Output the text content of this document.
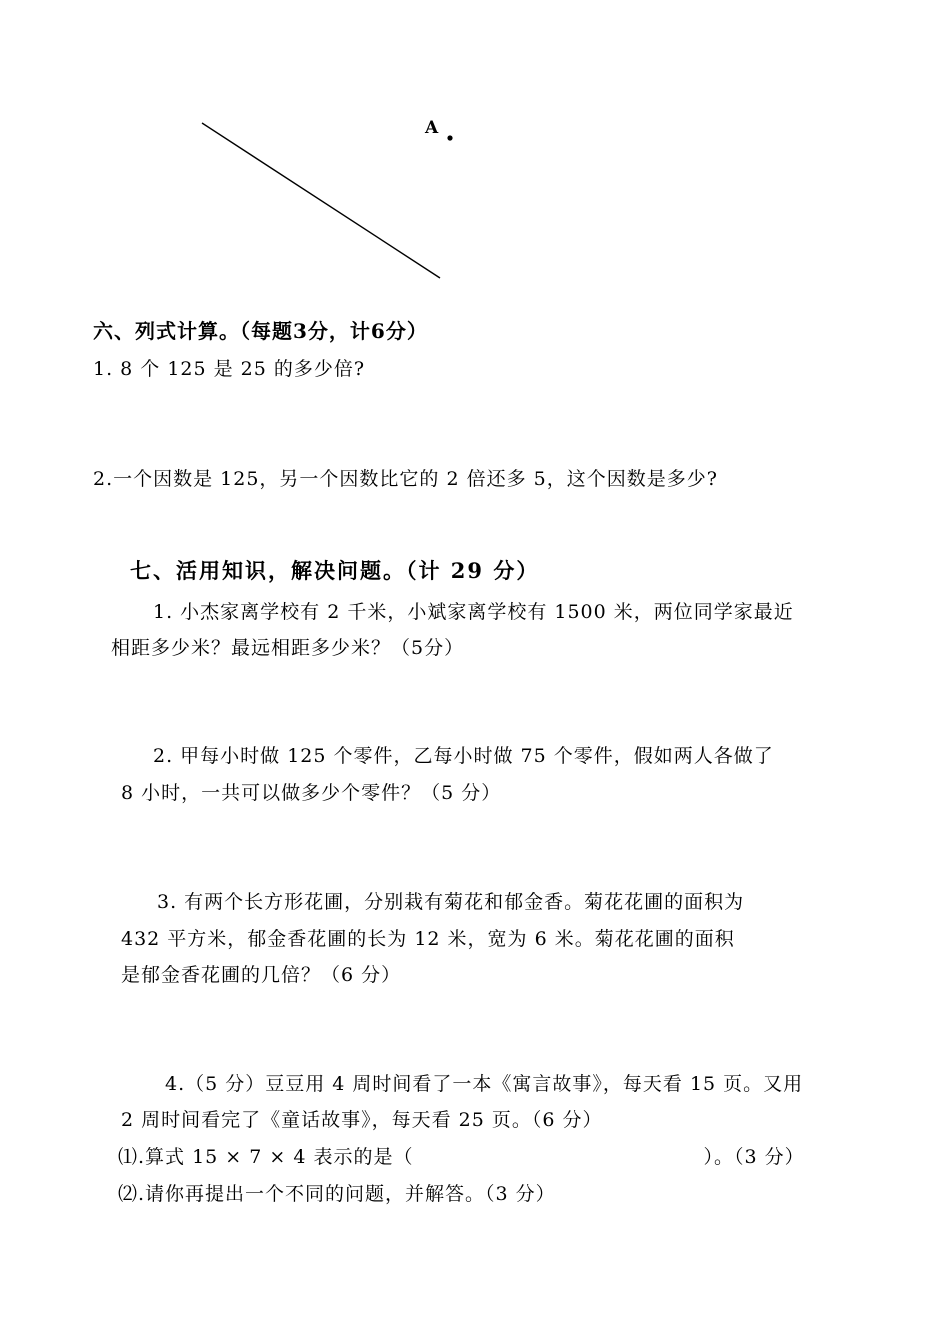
A
六、列式计算。（每题3分，计6分）
1. 8 个 125 是 25 的多少倍?
2.一个因数是 125，另一个因数比它的 2 倍还多 5，这个因数是多少?
七、活用知识，解决问题。（计 29 分）
1. 小杰家离学校有 2 千米，小斌家离学校有 1500 米，两位同学家最近
相距多少米？最远相距多少米？（5分）
2. 甲每小时做 125 个零件，乙每小时做 75 个零件，假如两人各做了
8 小时，一共可以做多少个零件？（5 分）
3. 有两个长方形花圃，分别栽有菊花和郁金香。菊花花圃的面积为
432 平方米，郁金香花圃的长为 12 米，宽为 6 米。菊花花圃的面积
是郁金香花圃的几倍？（6 分）
4.（5 分）豆豆用 4 周时间看了一本《寓言故事》，每天看 15 页。又用
2 周时间看完了《童话故事》，每天看 25 页。（6 分）
⑴.算式 15 × 7 × 4 表示的是（	）。（3 分）
⑵.请你再提出一个不同的问题，并解答。（3 分）
